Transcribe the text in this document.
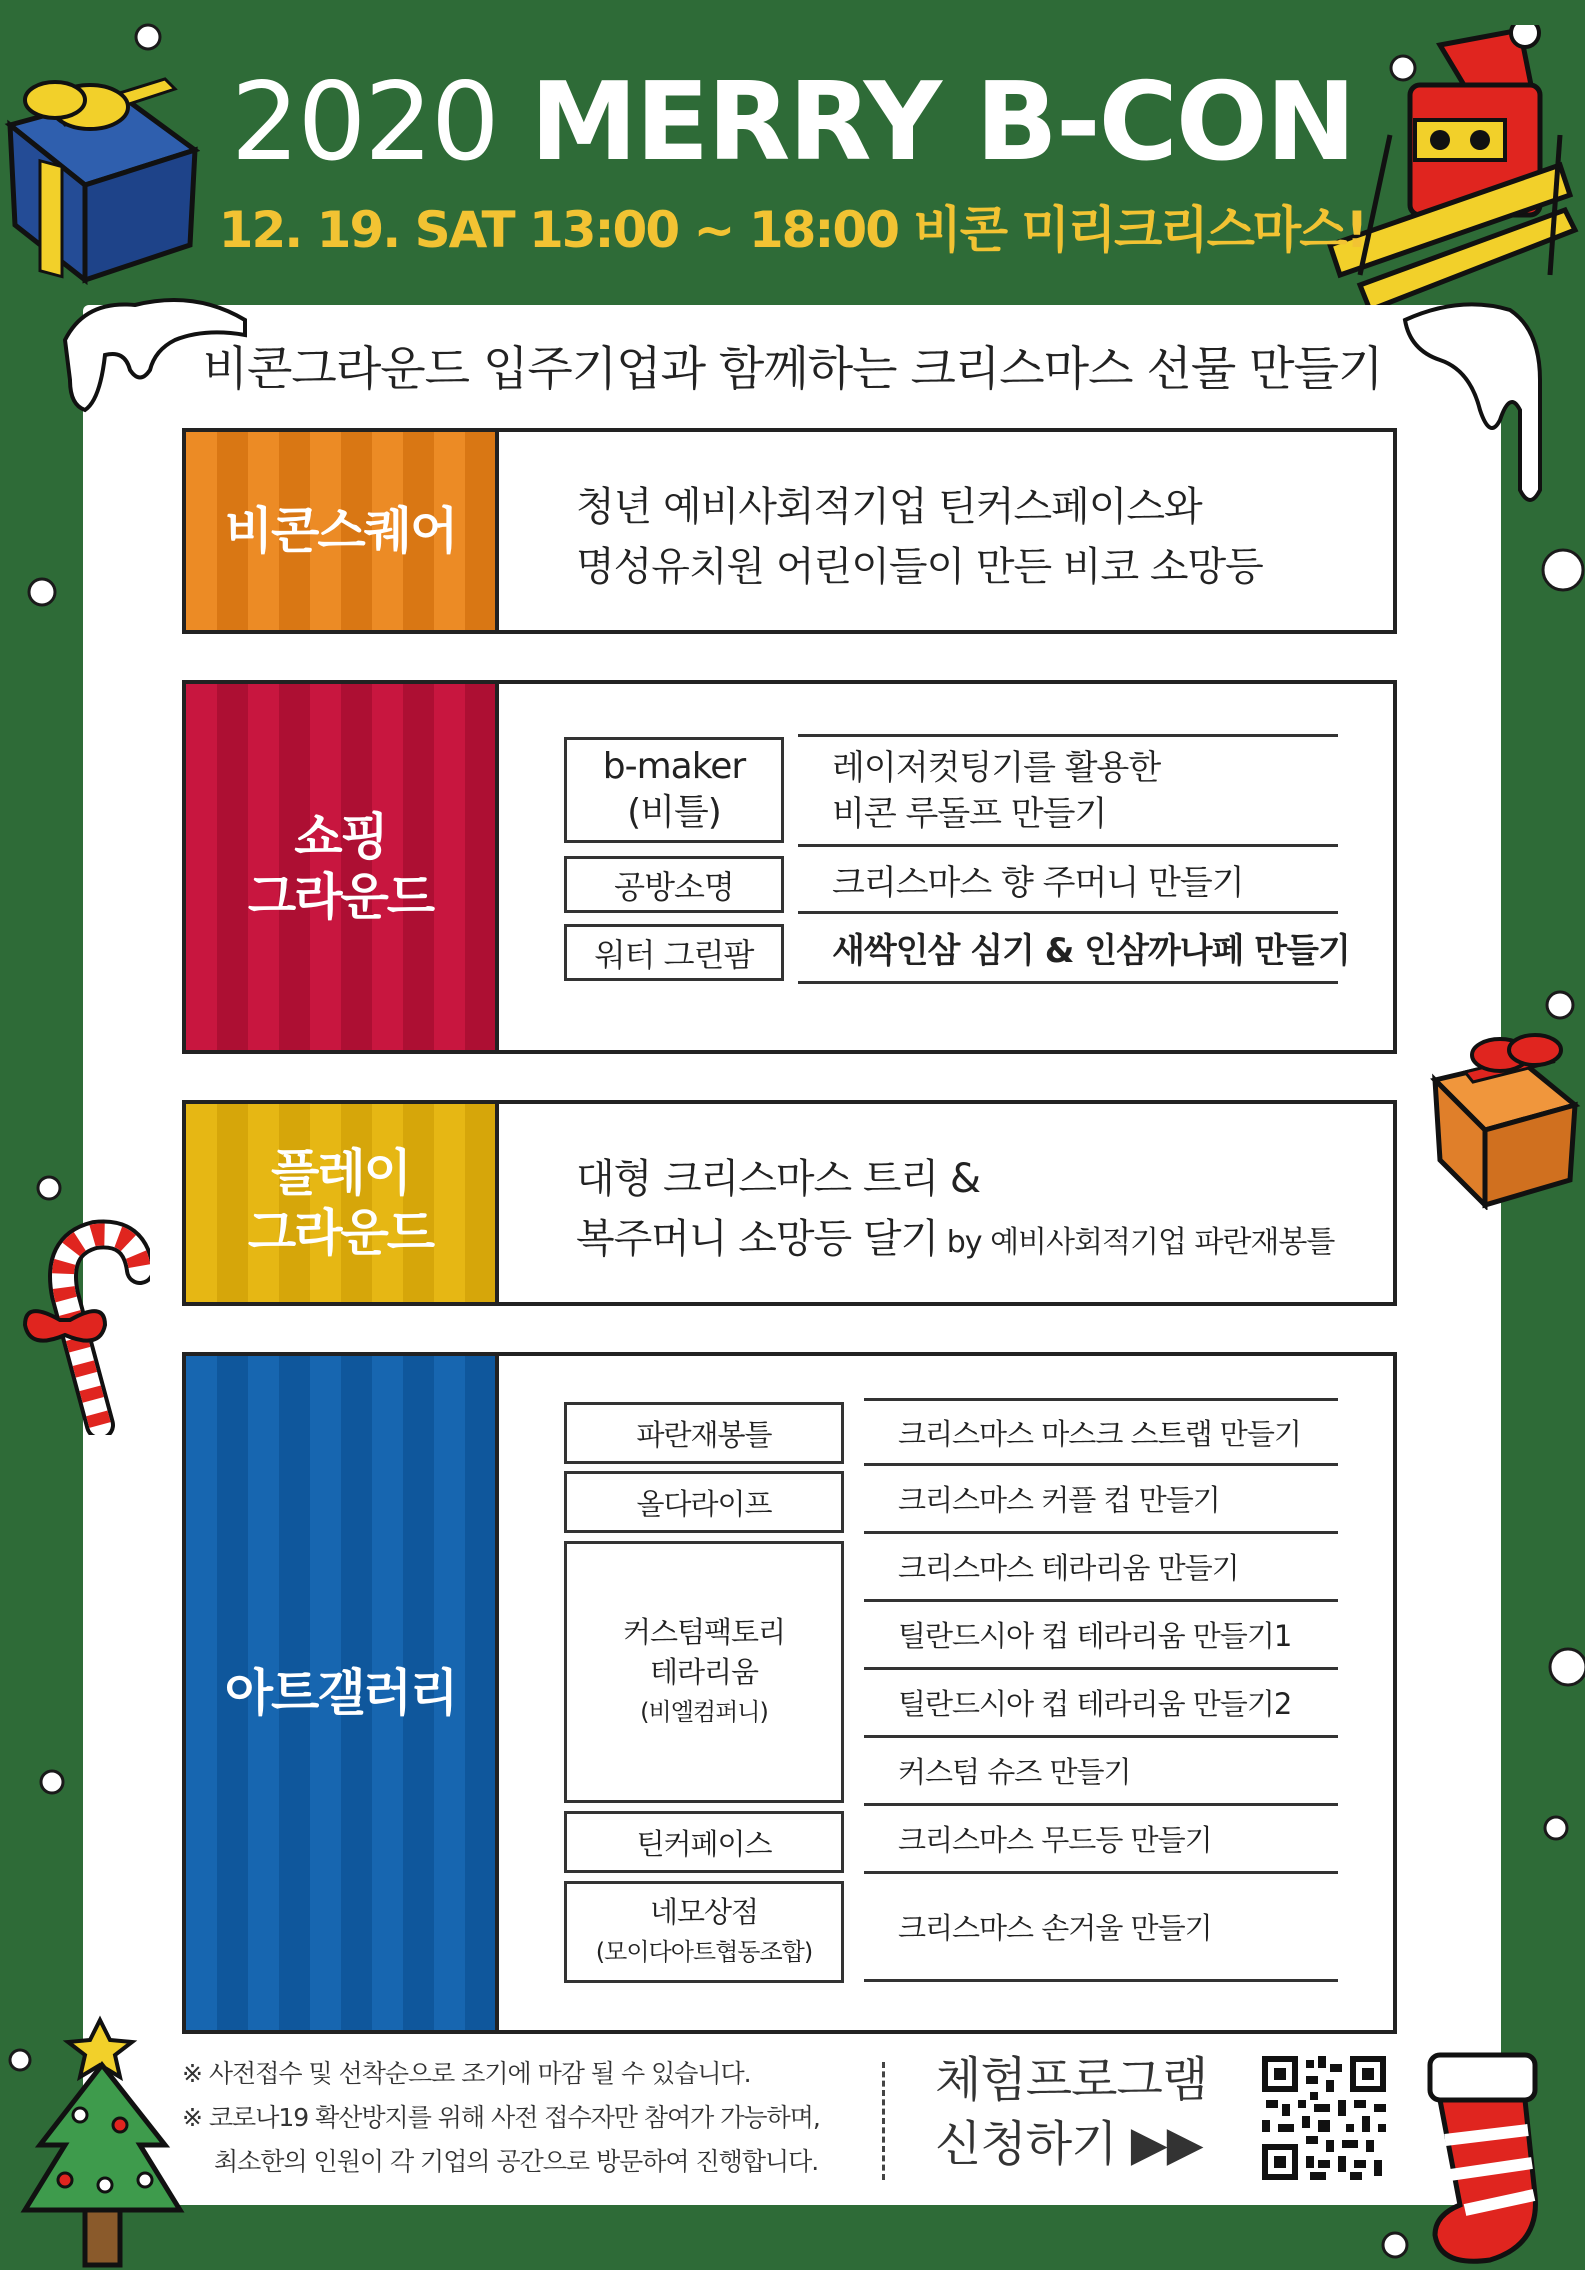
2020 MERRY B-CON
12. 19. SAT 13:00 ~ 18:00 비콘 미리크리스마스!
비콘그라운드 입주기업과 함께하는 크리스마스 선물 만들기
비콘스퀘어	청년 예비사회적기업 틴커스페이스와
명성유치원 어린이들이 만든 비코 소망등
쇼핑
그라운드
b-maker
(비틀)
레이저컷팅기를 활용한
비콘 루돌프 만들기
공방소명	크리스마스 향 주머니 만들기
워터 그린팜 새싹인삼 심기 & 인삼까나페 만들기
플레이
그라운드
대형 크리스마스 트리 &
복주머니 소망등 달기 by 예비사회적기업 파란재봉틀
아트갤러리
파란재봉틀
올다라이프
커스텀팩토리
테라리움
(비엘컴퍼니)
틴커페이스
네모상점
(모이다아트협동조합)
크리스마스 마스크 스트랩 만들기
크리스마스 커플 컵 만들기
크리스마스 테라리움 만들기
틸란드시아 컵 테라리움 만들기1
틸란드시아 컵 테라리움 만들기2
커스텀 슈즈 만들기
크리스마스 무드등 만들기
크리스마스 손거울 만들기
※ 사전접수 및 선착순으로 조기에 마감 될 수 있습니다.
※ 코로나19 확산방지를 위해 사전 접수자만 참여가 가능하며,
최소한의 인원이 각 기업의 공간으로 방문하여 진행합니다.
체험프로그램
신청하기 ▶▶
